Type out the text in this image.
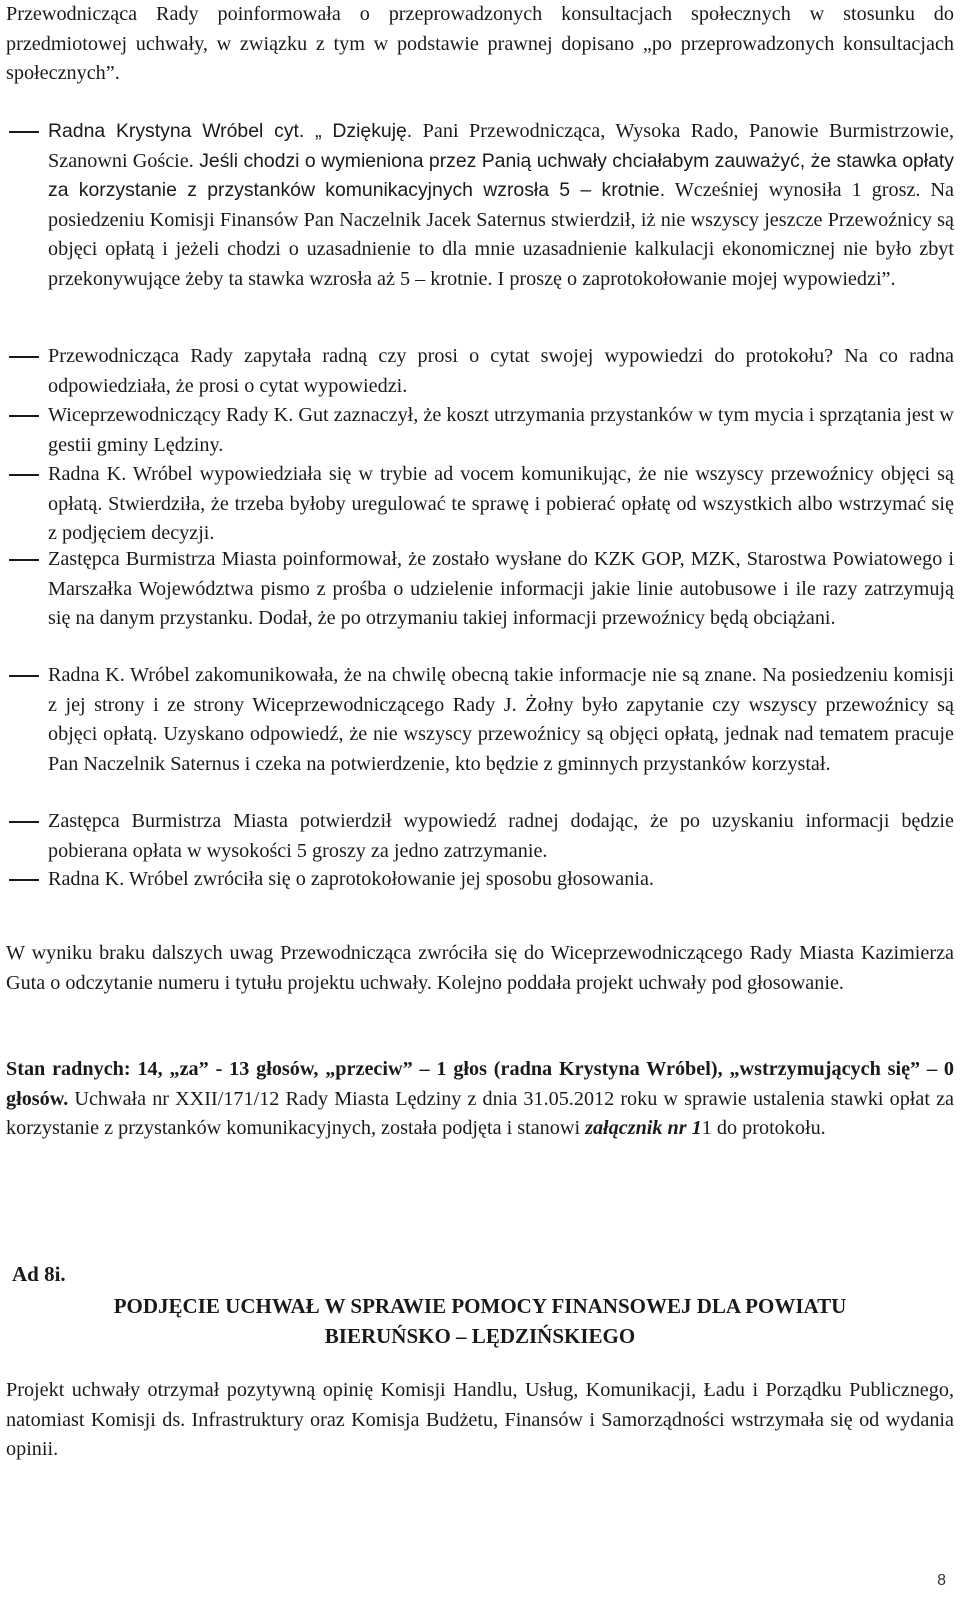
Przewodnicząca Rady poinformowała o przeprowadzonych konsultacjach społecznych w stosunku do przedmiotowej uchwały, w związku z tym w podstawie prawnej dopisano „po przeprowadzonych konsultacjach społecznych”.

Radna Krystyna Wróbel cyt. „ Dziękuję. Pani Przewodnicząca, Wysoka Rado, Panowie Burmistrzowie, Szanowni Goście. Jeśli chodzi o wymieniona przez Panią uchwały chciałabym zauważyć, że stawka opłaty za korzystanie z przystanków komunikacyjnych wzrosła 5 – krotnie. Wcześniej wynosiła 1 grosz. Na posiedzeniu Komisji Finansów Pan Naczelnik Jacek Saternus stwierdził, iż nie wszyscy jeszcze Przewoźnicy są objęci opłatą i jeżeli chodzi o uzasadnienie to dla mnie uzasadnienie kalkulacji ekonomicznej nie było zbyt przekonywujące żeby ta stawka wzrosła aż 5 – krotnie. I proszę o zaprotokołowanie mojej wypowiedzi”.
Przewodnicząca Rady zapytała radną czy prosi o cytat swojej wypowiedzi do protokołu? Na co radna odpowiedziała, że prosi o cytat wypowiedzi.
Wiceprzewodniczący Rady K. Gut zaznaczył, że koszt utrzymania przystanków w tym mycia i sprzątania jest w gestii gminy Lędziny.
Radna K. Wróbel wypowiedziała się w trybie ad vocem komunikując, że nie wszyscy przewoźnicy objęci są opłatą. Stwierdziła, że trzeba byłoby uregulować te sprawę i pobierać opłatę od wszystkich albo wstrzymać się z podjęciem decyzji.
Zastępca Burmistrza Miasta poinformował, że zostało wysłane do KZK GOP, MZK, Starostwa Powiatowego i Marszałka Województwa pismo z prośba o udzielenie informacji jakie linie autobusowe i ile razy zatrzymują się na danym przystanku. Dodał, że po otrzymaniu takiej informacji przewoźnicy będą obciążani.
Radna K. Wróbel zakomunikowała, że na chwilę obecną takie informacje nie są znane. Na posiedzeniu komisji z jej strony i ze strony Wiceprzewodniczącego Rady J. Żołny było zapytanie czy wszyscy przewoźnicy są objęci opłatą. Uzyskano odpowiedź, że nie wszyscy przewoźnicy są objęci opłatą, jednak nad tematem pracuje Pan Naczelnik Saternus i czeka na potwierdzenie, kto będzie z gminnych przystanków korzystał.
Zastępca Burmistrza Miasta potwierdził wypowiedź radnej dodając, że po uzyskaniu informacji będzie pobierana opłata w wysokości 5 groszy za jedno zatrzymanie.
Radna K. Wróbel zwróciła się o zaprotokołowanie jej sposobu głosowania.

W wyniku braku dalszych uwag Przewodnicząca zwróciła się do Wiceprzewodniczącego Rady Miasta Kazimierza Guta o odczytanie numeru i tytułu projektu uchwały. Kolejno poddała projekt uchwały pod głosowanie.

Stan radnych: 14, „za” - 13 głosów, „przeciw” – 1 głos (radna Krystyna Wróbel), „wstrzymujących się” – 0 głosów. Uchwała nr XXII/171/12 Rady Miasta Lędziny z dnia 31.05.2012 roku w sprawie ustalenia stawki opłat za korzystanie z przystanków komunikacyjnych, została podjęta i stanowi załącznik nr 11 do protokołu.

Ad 8i.

PODJĘCIE UCHWAŁ W SPRAWIE POMOCY FINANSOWEJ DLA POWIATU

BIERUŃSKO – LĘDZIŃSKIEGO

Projekt uchwały otrzymał pozytywną opinię Komisji Handlu, Usług, Komunikacji, Ładu i Porządku Publicznego, natomiast Komisji ds. Infrastruktury oraz Komisja Budżetu, Finansów i Samorządności wstrzymała się od wydania opinii.

8
